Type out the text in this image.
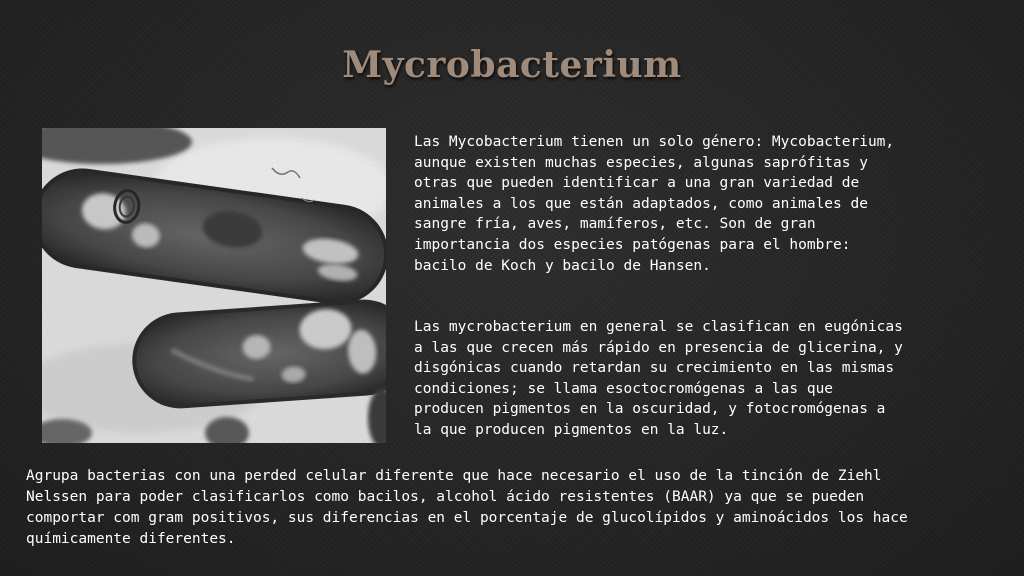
Mycrobacterium

Las Mycobacterium tienen un solo género: Mycobacterium,
aunque existen muchas especies, algunas saprófitas y
otras que pueden identificar a una gran variedad de
animales a los que están adaptados, como animales de
sangre fría, aves, mamíferos, etc. Son de gran
importancia dos especies patógenas para el hombre:
bacilo de Koch y bacilo de Hansen.

Las mycrobacterium en general se clasifican en eugónicas
a las que crecen más rápido en presencia de glicerina, y
disgónicas cuando retardan su crecimiento en las mismas
condiciones; se llama esoctocromógenas a las que
producen pigmentos en la oscuridad, y fotocromógenas a
la que producen pigmentos en la luz.

Agrupa bacterias con una perded celular diferente que hace necesario el uso de la tinción de Ziehl
Nelssen para poder clasificarlos como bacilos, alcohol ácido resistentes (BAAR) ya que se pueden
comportar com gram positivos, sus diferencias en el porcentaje de glucolípidos y aminoácidos los hace
químicamente diferentes.
